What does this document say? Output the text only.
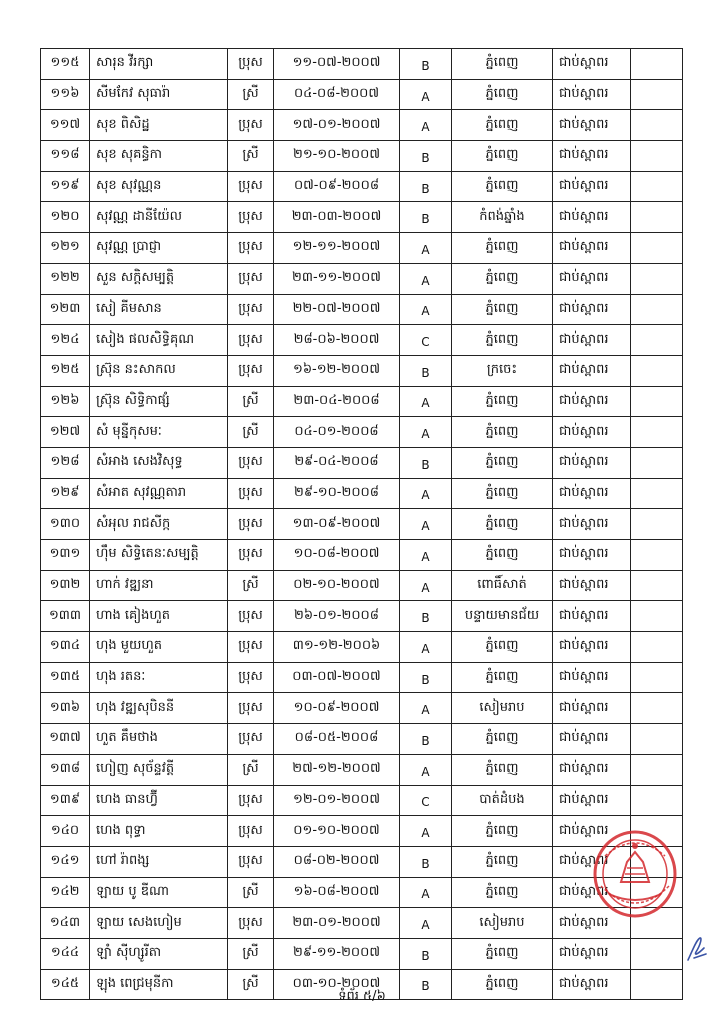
១១៥	សារុន វីរក្សា	ប្រុស	១១-០៧-២០០៧	B	ភ្នំពេញ	ជាប់ស្ពាពរ	
១១៦	សីមកែវ សុធារ៉ា	ស្រី	០៤-០៨-២០០៧	A	ភ្នំពេញ	ជាប់ស្ពាពរ	
១១៧	សុខ ពិសិដ្ឋ	ប្រុស	១៧-០១-២០០៧	A	ភ្នំពេញ	ជាប់ស្ពាពរ	
១១៨	សុខ សុគន្ធិកា	ស្រី	២១-១០-២០០៧	B	ភ្នំពេញ	ជាប់ស្ពាពរ	
១១៩	សុខ សុវណ្ណន	ប្រុស	០៧-០៩-២០០៨	B	ភ្នំពេញ	ជាប់ស្ពាពរ	
១២០	សុវណ្ណ ដានីយ៉ែល	ប្រុស	២៣-០៣-២០០៧	B	កំពង់ឆ្នាំង	ជាប់ស្ពាពរ	
១២១	សុវណ្ណ ប្រាជ្ញា	ប្រុស	១២-១១-២០០៧	A	ភ្នំពេញ	ជាប់ស្ពាពរ	
១២២	សួន សក្តិសម្បត្តិ	ប្រុស	២៣-១១-២០០៧	A	ភ្នំពេញ	ជាប់ស្ពាពរ	
១២៣	សៀ គីមសាន	ប្រុស	២២-០៧-២០០៧	A	ភ្នំពេញ	ជាប់ស្ពាពរ	
១២៤	សៀង ផលសិទ្ធិគុណ	ប្រុស	២៨-០៦-២០០៧	C	ភ្នំពេញ	ជាប់ស្ពាពរ	
១២៥	ស្រ៊ុន នះសាកល	ប្រុស	១៦-១២-២០០៧	B	ក្រចេះ	ជាប់ស្ពាពរ	
១២៦	ស្រ៊ុន សិទ្ធិកាផ្សំ	ស្រី	២៣-០៤-២០០៨	A	ភ្នំពេញ	ជាប់ស្ពាពរ	
១២៧	សំ មុន្នីកុសមៈ	ស្រី	០៤-០១-២០០៨	A	ភ្នំពេញ	ជាប់ស្ពាពរ	
១២៨	សំអាង សេងវិសុទ្ធ	ប្រុស	២៩-០៤-២០០៨	B	ភ្នំពេញ	ជាប់ស្ពាពរ	
១២៩	សំអាត សុវណ្ណតារា	ប្រុស	២៩-១០-២០០៨	A	ភ្នំពេញ	ជាប់ស្ពាពរ	
១៣០	សំអុល រាជសីក្ក	ប្រុស	១៣-០៩-២០០៧	A	ភ្នំពេញ	ជាប់ស្ពាពរ	
១៣១	ហ៊ឹម សិទ្ធិតេនៈសម្បត្តិ	ប្រុស	១០-០៨-២០០៧	A	ភ្នំពេញ	ជាប់ស្ពាពរ	
១៣២	ហាក់ វឌ្ឍនា	ស្រី	០២-១០-២០០៧	A	ពោធិ៍សាត់	ជាប់ស្ពាពរ	
១៣៣	ហាង គៀងហួត	ប្រុស	២៦-០១-២០០៨	B	បន្ទាយមានជ័យ	ជាប់ស្ពាពរ	
១៣៤	ហុង មួយហួត	ប្រុស	៣១-១២-២០០៦	A	ភ្នំពេញ	ជាប់ស្ពាពរ	
១៣៥	ហុង រតនៈ	ប្រុស	០៣-០៧-២០០៧	B	ភ្នំពេញ	ជាប់ស្ពាពរ	
១៣៦	ហុង វឌ្ឍសុបិននី	ប្រុស	១០-០៩-២០០៧	A	សៀមរាប	ជាប់ស្ពាពរ	
១៣៧	ហួត គឹមថាង	ប្រុស	០៨-០៥-២០០៨	B	ភ្នំពេញ	ជាប់ស្ពាពរ	
១៣៨	ហៀញ សុច័ន្ទវត្តី	ស្រី	២៧-១២-២០០៧	A	ភ្នំពេញ	ជាប់ស្ពាពរ	
១៣៩	ហេង ធានហ្វ៊ី	ប្រុស	១២-០១-២០០៧	C	បាត់ដំបង	ជាប់ស្ពាពរ	
១៤០	ហេង ពុទ្ធា	ប្រុស	០១-១០-២០០៧	A	ភ្នំពេញ	ជាប់ស្ពាពរ	
១៤១	ហៅ រ៉ាពង្ស	ប្រុស	០៨-០២-២០០៧	B	ភ្នំពេញ	ជាប់ស្ពាពរ	
១៤២	ឡាយ បូ ឌីណា	ស្រី	១៦-០៨-២០០៧	A	ភ្នំពេញ	ជាប់ស្ពាពរ	
១៤៣	ឡាយ សេងហៀម	ប្រុស	២៣-០១-២០០៧	A	សៀមរាប	ជាប់ស្ពាពរ	
១៤៤	ឡាំ ស៊ីហ្សូរីតា	ស្រី	២៩-១១-២០០៧	B	ភ្នំពេញ	ជាប់ស្ពាពរ	
១៤៥	ឡុង ពេជ្រមុនីកា	ស្រី	០៣-១០-២០០៧	B	ភ្នំពេញ	ជាប់ស្ពាពរ	
ទំព័រ ៥/៦
